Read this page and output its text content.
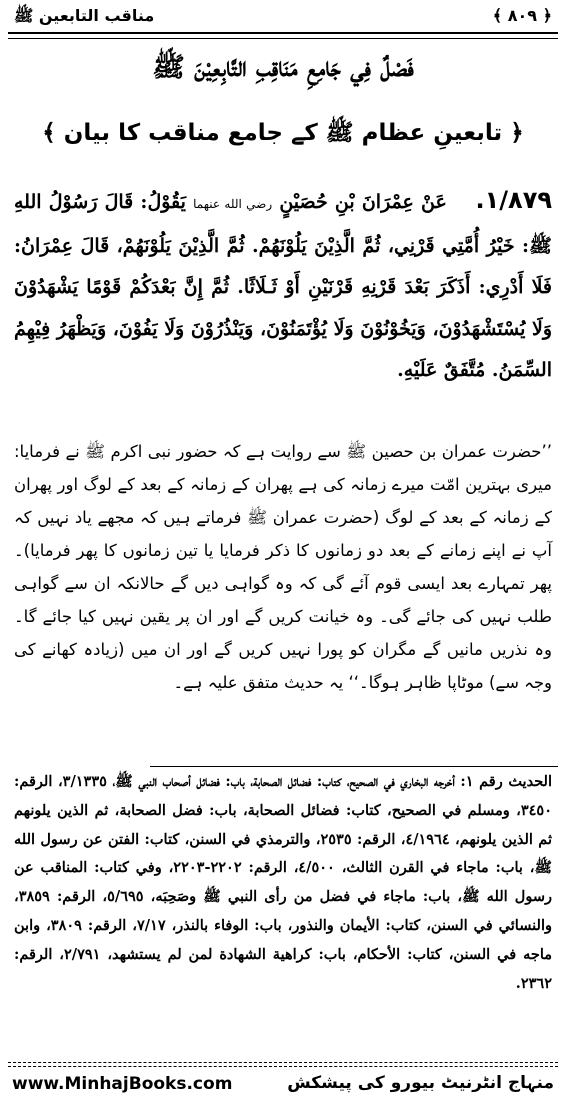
﴿ ٨٠٩ ﴾
مناقب التابعين ﷺ
فَصْلٌ فِي جَامِعِ مَنَاقِبِ التَّابِعِيْنَ ﷺ
﴿ تابعینِ عظام ﷺ کے جامع مناقب کا بیان ﴾
١/٨٧٩.    عَنْ عِمْرَانَ بْنِ حُصَيْنٍ رضي الله عنهما يَقُوْلُ: قَالَ رَسُوْلُ اللهِ ﷺ: خَيْرُ أُمَّتِي قَرْنِي، ثُمَّ الَّذِيْنَ يَلُوْنَهُمْ. ثُمَّ الَّذِيْنَ يَلُوْنَهُمْ، قَالَ عِمْرَانُ: فَلَا أَدْرِي: أَذَكَرَ بَعْدَ قَرْنِهِ قَرْنَيْنِ أَوْ ثَـلَاثًا. ثُمَّ إِنَّ بَعْدَكُمْ قَوْمًا يَشْهَدُوْنَ وَلَا يُسْتَشْهَدُوْنَ، وَيَخُوْنُوْنَ وَلَا يُؤْتَمَنُوْنَ، وَيَنْذُرُوْنَ وَلَا يَفُوْنَ، وَيَظْهَرُ فِيْهِمُ السِّمَنُ. مُتَّفَقٌ عَلَيْهِ.
’’حضرت عمران بن حصین ﷺ سے روایت ہے کہ حضور نبی اکرم ﷺ نے فرمایا: میری بہترین امّت میرے زمانہ کی ہے پھران کے زمانہ کے بعد کے لوگ اور پھران کے زمانہ کے بعد کے لوگ (حضرت عمران ﷺ فرماتے ہیں کہ مجھے یاد نہیں کہ آپ نے اپنے زمانے کے بعد دو زمانوں کا ذکر فرمایا یا تین زمانوں کا پھر فرمایا)۔ پھر تمہارے بعد ایسی قوم آئے گی کہ وہ گواہی دیں گے حالانکہ ان سے گواہی طلب نہیں کی جائے گی۔ وہ خیانت کریں گے اور ان پر یقین نہیں کیا جائے گا۔ وہ نذریں مانیں گے مگران کو پورا نہیں کریں گے اور ان میں (زیادہ کھانے کی وجہ سے) موٹاپا ظاہر ہوگا۔‘‘ یہ حدیث متفق علیہ ہے۔
الحديث رقم ١: أخرجه البخاري في الصحيح، كتاب: فضائل الصحابة، باب: فضائل أصحاب النبي ﷺ، ٣/١٣٣٥، الرقم: ٣٤٥٠، ومسلم في الصحيح، كتاب: فضائل الصحابة، باب: فضل الصحابة، ثم الذين يلونهم ثم الذين يلونهم، ٤/١٩٦٤، الرقم: ٢٥٣٥، والترمذي في السنن، كتاب: الفتن عن رسول الله ﷺ، باب: ماجاء في القرن الثالث، ٤/٥٠٠، الرقم: ٢٢٠٢-٢٢٠٣، وفي كتاب: المناقب عن رسول الله ﷺ، باب: ماجاء في فضل من رأى النبي ﷺ وصَحِبَه، ٥/٦٩٥، الرقم: ٣٨٥٩، والنسائي في السنن، كتاب: الأيمان والنذور، باب: الوفاء بالنذر، ٧/١٧، الرقم: ٣٨٠٩، وابن ماجه في السنن، كتاب: الأحكام، باب: كراهية الشهادة لمن لم يستشهد، ٢/٧٩١، الرقم: ٢٣٦٢.
www.MinhajBooks.com	منہاج انٹرنیٹ بیورو کی پیشکش
